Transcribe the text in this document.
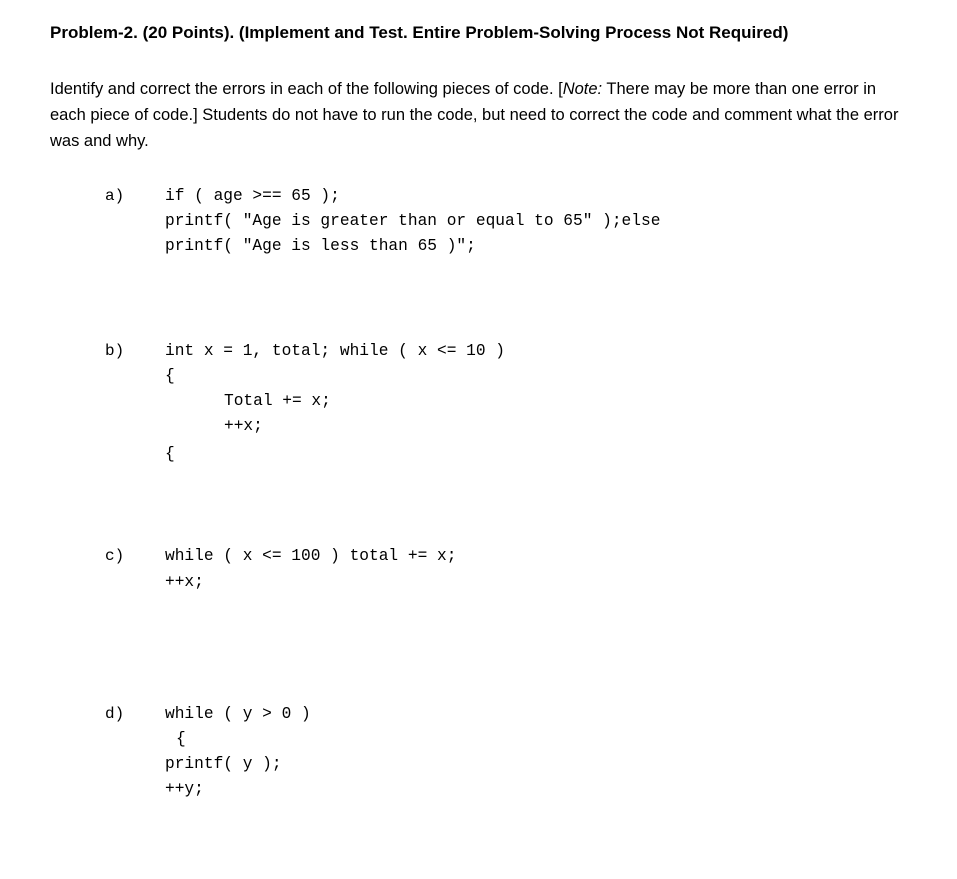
Problem-2. (20 Points). (Implement and Test. Entire Problem-Solving Process Not Required)
Identify and correct the errors in each of the following pieces of code. [Note: There may be more than one error in each piece of code.] Students do not have to run the code, but need to correct the code and comment what the error was and why.
a)	if ( age >== 65 );
printf( "Age is greater than or equal to 65" );else
printf( "Age is less than 65 )";
b)	int x = 1, total; while ( x <= 10 )
{
Total += x;
++x;
{
c)	while ( x <= 100 ) total += x;
++x;
d)	while ( y > 0 )
{
printf( y );
++y;
